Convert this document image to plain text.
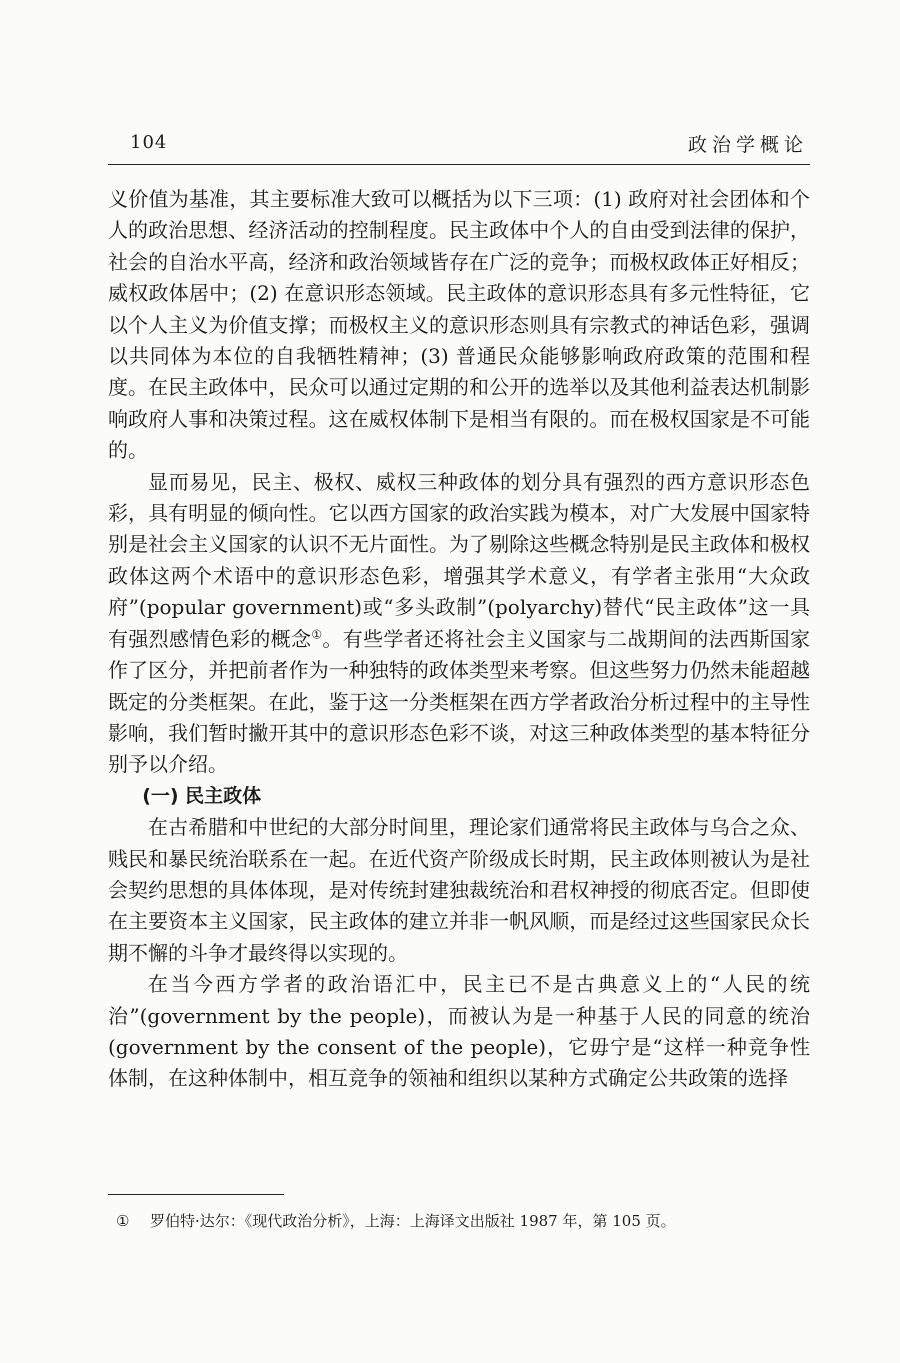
104	政治学概论

义价值为基准，其主要标准大致可以概括为以下三项：(1) 政府对社会团体和个人的政治思想、经济活动的控制程度。民主政体中个人的自由受到法律的保护，社会的自治水平高，经济和政治领域皆存在广泛的竞争；而极权政体正好相反；威权政体居中；(2) 在意识形态领域。民主政体的意识形态具有多元性特征，它以个人主义为价值支撑；而极权主义的意识形态则具有宗教式的神话色彩，强调以共同体为本位的自我牺牲精神；(3) 普通民众能够影响政府政策的范围和程度。在民主政体中，民众可以通过定期的和公开的选举以及其他利益表达机制影响政府人事和决策过程。这在威权体制下是相当有限的。而在极权国家是不可能的。

显而易见，民主、极权、威权三种政体的划分具有强烈的西方意识形态色彩，具有明显的倾向性。它以西方国家的政治实践为模本，对广大发展中国家特别是社会主义国家的认识不无片面性。为了剔除这些概念特别是民主政体和极权政体这两个术语中的意识形态色彩，增强其学术意义，有学者主张用“大众政府”(popular government)或“多头政制”(polyarchy)替代“民主政体”这一具有强烈感情色彩的概念①。有些学者还将社会主义国家与二战期间的法西斯国家作了区分，并把前者作为一种独特的政体类型来考察。但这些努力仍然未能超越既定的分类框架。在此，鉴于这一分类框架在西方学者政治分析过程中的主导性影响，我们暂时撇开其中的意识形态色彩不谈，对这三种政体类型的基本特征分别予以介绍。

(一) 民主政体

在古希腊和中世纪的大部分时间里，理论家们通常将民主政体与乌合之众、贱民和暴民统治联系在一起。在近代资产阶级成长时期，民主政体则被认为是社会契约思想的具体体现，是对传统封建独裁统治和君权神授的彻底否定。但即使在主要资本主义国家，民主政体的建立并非一帆风顺，而是经过这些国家民众长期不懈的斗争才最终得以实现的。

在当今西方学者的政治语汇中，民主已不是古典意义上的“人民的统治”(government by the people)，而被认为是一种基于人民的同意的统治(government by the consent of the people)，它毋宁是“这样一种竞争性体制，在这种体制中，相互竞争的领袖和组织以某种方式确定公共政策的选择

① 罗伯特·达尔：《现代政治分析》，上海：上海译文出版社 1987 年，第 105 页。
